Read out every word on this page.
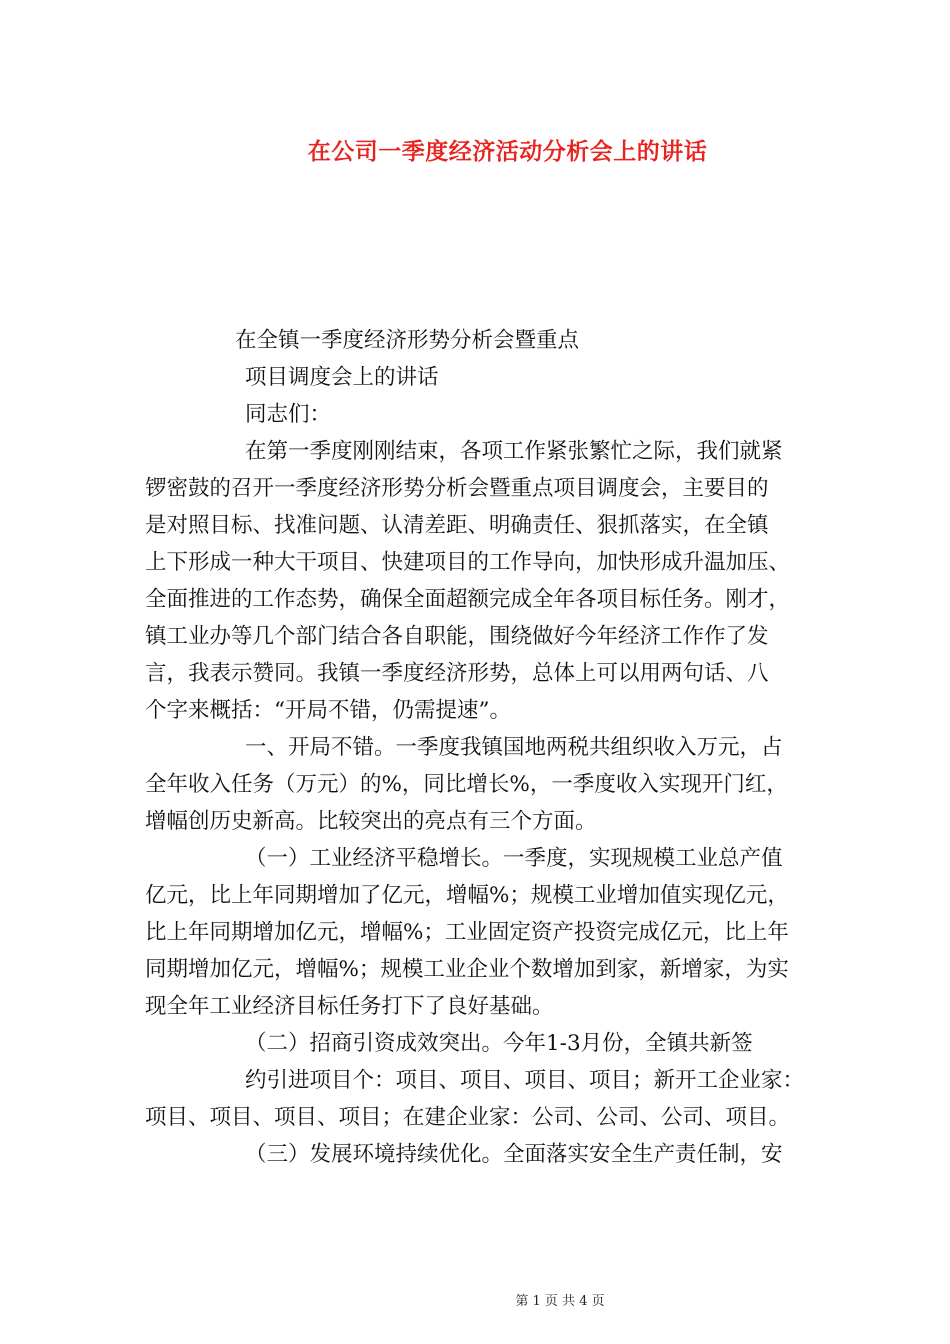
在公司一季度经济活动分析会上的讲话
在全镇一季度经济形势分析会暨重点
项目调度会上的讲话
同志们：
在第一季度刚刚结束，各项工作紧张繁忙之际，我们就紧
锣密鼓的召开一季度经济形势分析会暨重点项目调度会，主要目的
是对照目标、找准问题、认清差距、明确责任、狠抓落实，在全镇
上下形成一种大干项目、快建项目的工作导向，加快形成升温加压、
全面推进的工作态势，确保全面超额完成全年各项目标任务。刚才，
镇工业办等几个部门结合各自职能，围绕做好今年经济工作作了发
言，我表示赞同。我镇一季度经济形势，总体上可以用两句话、八
个字来概括：“开局不错，仍需提速”。
一、开局不错。一季度我镇国地两税共组织收入万元，占
全年收入任务（万元）的%，同比增长%，一季度收入实现开门红，
增幅创历史新高。比较突出的亮点有三个方面。
（一）工业经济平稳增长。一季度，实现规模工业总产值
亿元，比上年同期增加了亿元，增幅%；规模工业增加值实现亿元，
比上年同期增加亿元，增幅%；工业固定资产投资完成亿元，比上年
同期增加亿元，增幅%；规模工业企业个数增加到家，新增家，为实
现全年工业经济目标任务打下了良好基础。
（二）招商引资成效突出。今年1-3月份，全镇共新签
约引进项目个：项目、项目、项目、项目；新开工企业家：
项目、项目、项目、项目；在建企业家：公司、公司、公司、项目。
（三）发展环境持续优化。全面落实安全生产责任制，安
第 1 页 共 4 页
